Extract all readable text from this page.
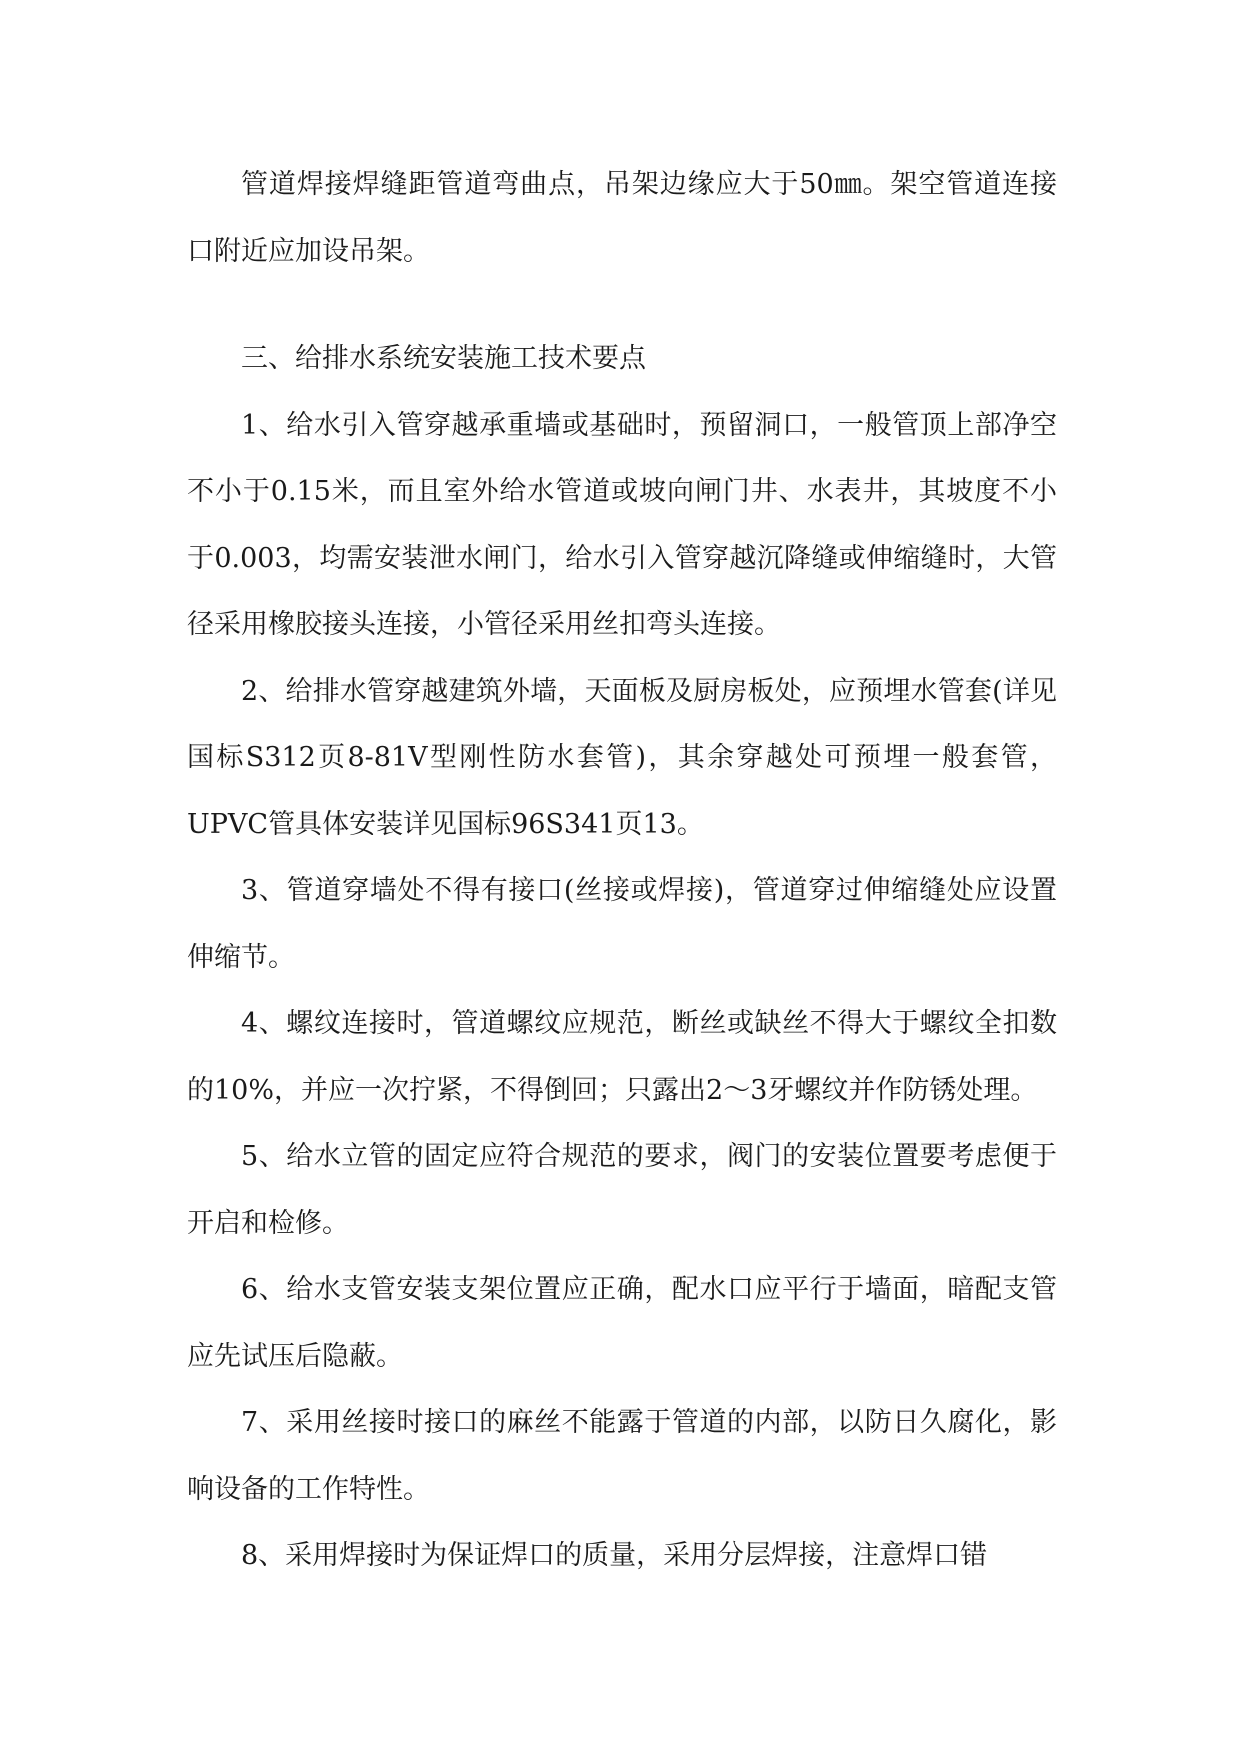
管道焊接焊缝距管道弯曲点，吊架边缘应大于50㎜。架空管道连接口附近应加设吊架。

三、给排水系统安装施工技术要点

1、给水引入管穿越承重墙或基础时，预留洞口，一般管顶上部净空不小于0.15米，而且室外给水管道或坡向闸门井、水表井，其坡度不小于0.003，均需安装泄水闸门，给水引入管穿越沉降缝或伸缩缝时，大管径采用橡胶接头连接，小管径采用丝扣弯头连接。

2、给排水管穿越建筑外墙，天面板及厨房板处，应预埋水管套(详见国标S312页8-81V型刚性防水套管)，其余穿越处可预埋一般套管，UPVC管具体安装详见国标96S341页13。

3、管道穿墙处不得有接口(丝接或焊接)，管道穿过伸缩缝处应设置伸缩节。

4、螺纹连接时，管道螺纹应规范，断丝或缺丝不得大于螺纹全扣数的10%，并应一次拧紧，不得倒回；只露出2～3牙螺纹并作防锈处理。

5、给水立管的固定应符合规范的要求，阀门的安装位置要考虑便于开启和检修。

6、给水支管安装支架位置应正确，配水口应平行于墙面，暗配支管应先试压后隐蔽。

7、采用丝接时接口的麻丝不能露于管道的内部，以防日久腐化，影响设备的工作特性。

8、采用焊接时为保证焊口的质量，采用分层焊接，注意焊口错
